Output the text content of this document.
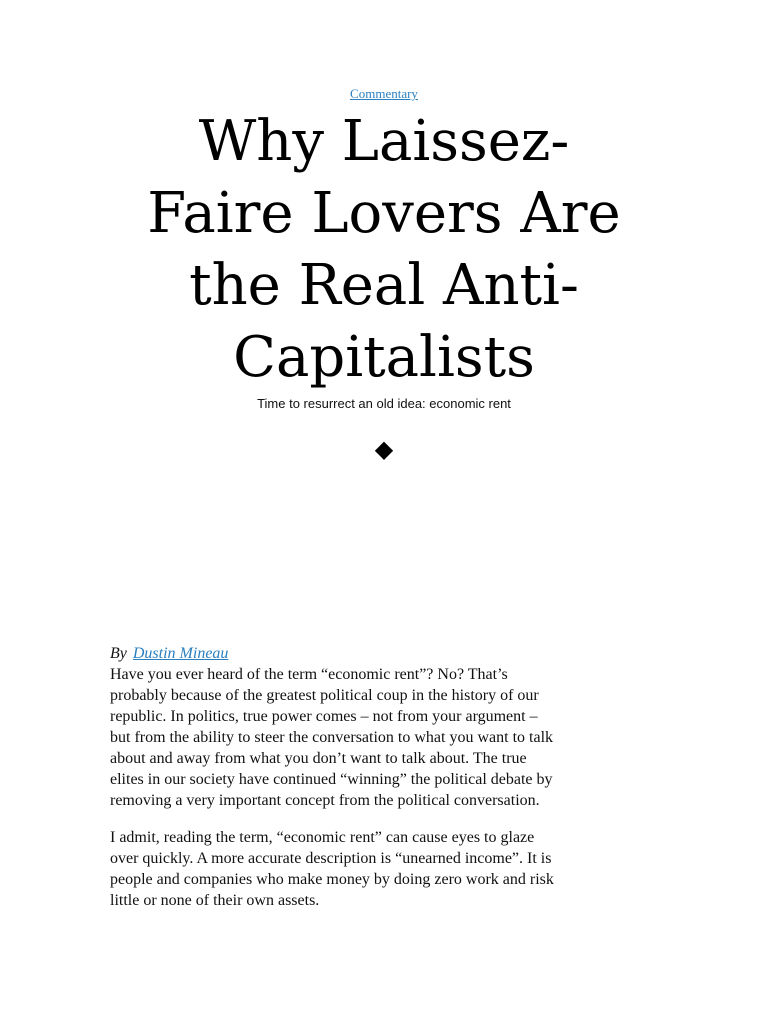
Commentary
Why Laissez-
Faire Lovers Are
the Real Anti-
Capitalists
Time to resurrect an old idea: economic rent
◆
By Dustin Mineau

Have you ever heard of the term “economic rent”? No? That’s
probably because of the greatest political coup in the history of our
republic. In politics, true power comes – not from your argument –
but from the ability to steer the conversation to what you want to talk
about and away from what you don’t want to talk about. The true
elites in our society have continued “winning” the political debate by
removing a very important concept from the political conversation.

I admit, reading the term, “economic rent” can cause eyes to glaze
over quickly. A more accurate description is “unearned income”. It is
people and companies who make money by doing zero work and risk
little or none of their own assets.
